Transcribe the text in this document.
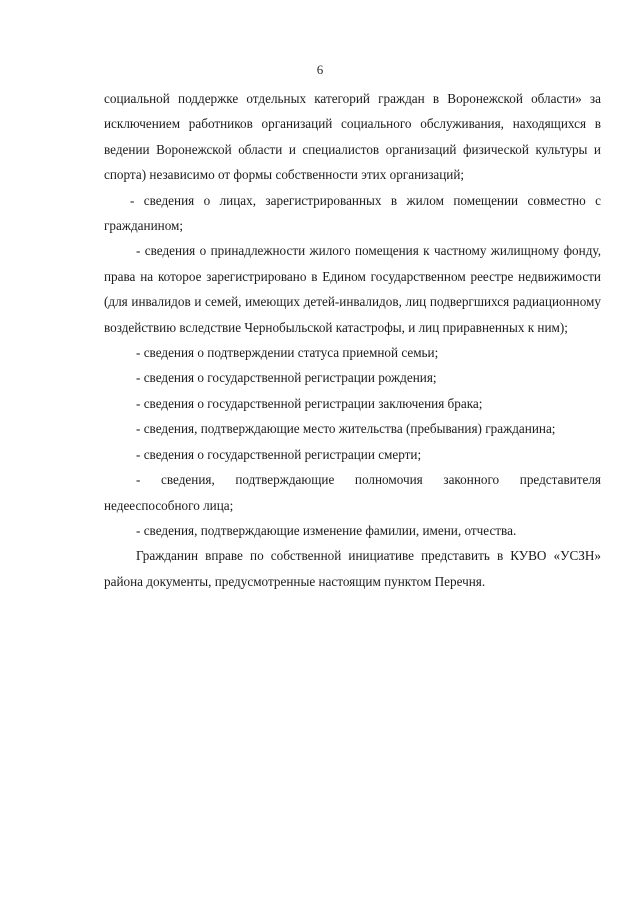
6

социальной поддержке отдельных категорий граждан в Воронежской области» за исключением работников организаций социального обслуживания, находящихся в ведении Воронежской области и специалистов организаций физической культуры и спорта) независимо от формы собственности этих организаций;

- сведения о лицах, зарегистрированных в жилом помещении совместно с гражданином;

- сведения о принадлежности жилого помещения к частному жилищному фонду, права на которое зарегистрировано в Едином государственном реестре недвижимости (для инвалидов и семей, имеющих детей-инвалидов, лиц подвергшихся радиационному воздействию вследствие Чернобыльской катастрофы, и лиц приравненных к ним);

- сведения о подтверждении статуса приемной семьи;

- сведения о государственной регистрации рождения;

- сведения о государственной регистрации заключения брака;

- сведения, подтверждающие место жительства (пребывания) гражданина;

- сведения о государственной регистрации смерти;

- сведения, подтверждающие полномочия законного представителя недееспособного лица;

- сведения, подтверждающие изменение фамилии, имени, отчества.

Гражданин вправе по собственной инициативе представить в КУВО «УСЗН» района документы, предусмотренные настоящим пунктом Перечня.
